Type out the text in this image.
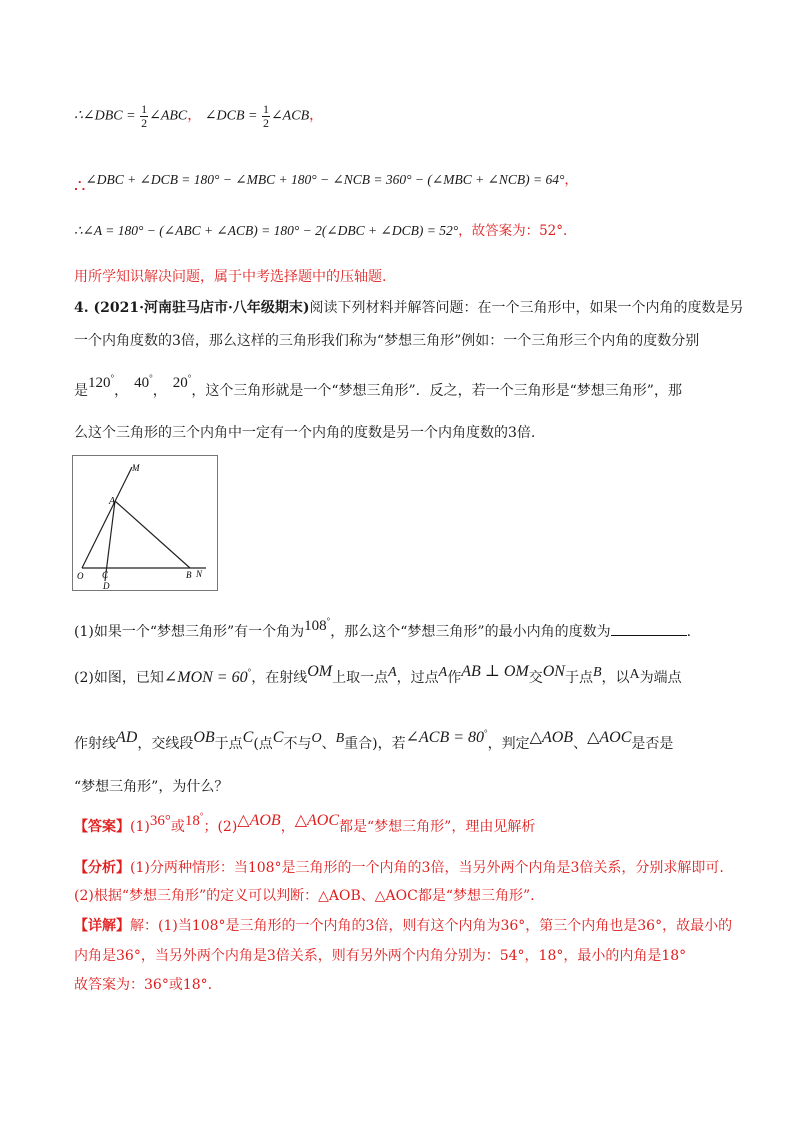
∴∠DBC = $\frac{1}{2}$ ∠ABC， ∠DCB = $\frac{1}{2}$ ∠ACB，
∴∠DBC + ∠DCB = 180° − ∠MBC + 180° − ∠NCB = 360° − (∠MBC + ∠NCB) = 64°，
∴∠A = 180° − (∠ABC + ∠ACB) = 180° − 2(∠DBC + ∠DCB) = 52°，故答案为：52°.
用所学知识解决问题，属于中考选择题中的压轴题.
4. (2021·河南驻马店市·八年级期末)阅读下列材料并解答问题：在一个三角形中，如果一个内角的度数是另
一个内角度数的3倍，那么这样的三角形我们称为“梦想三角形”例如：一个三角形三个内角的度数分别
是120°，40°，20°，这个三角形就是一个“梦想三角形”．反之，若一个三角形是“梦想三角形”，那
么这个三角形的三个内角中一定有一个内角的度数是另一个内角度数的3倍.
M
A
O C
D
B N
(1)如果一个“梦想三角形”有一个角为108°，那么这个“梦想三角形”的最小内角的度数为	.
(2)如图，已知∠MON = 60°，在射线OM上取一点A，过点A作AB ⊥ OM交ON于点B，以A为端点
作射线AD，交线段OB于点C(点C不与O、B重合)，若∠ACB = 80°，判定△AOB、△AOC是否是
“梦想三角形”，为什么？
【答案】(1)36°或18°；(2)△AOB，△AOC都是“梦想三角形”，理由见解析
【分析】(1)分两种情形：当108°是三角形的一个内角的3倍，当另外两个内角是3倍关系，分别求解即可.
(2)根据“梦想三角形”的定义可以判断：△AOB、△AOC都是“梦想三角形”.
【详解】解：(1)当108°是三角形的一个内角的3倍，则有这个内角为36°，第三个内角也是36°，故最小的
内角是36°，当另外两个内角是3倍关系，则有另外两个内角分别为：54°，18°，最小的内角是18°
故答案为：36°或18°.
